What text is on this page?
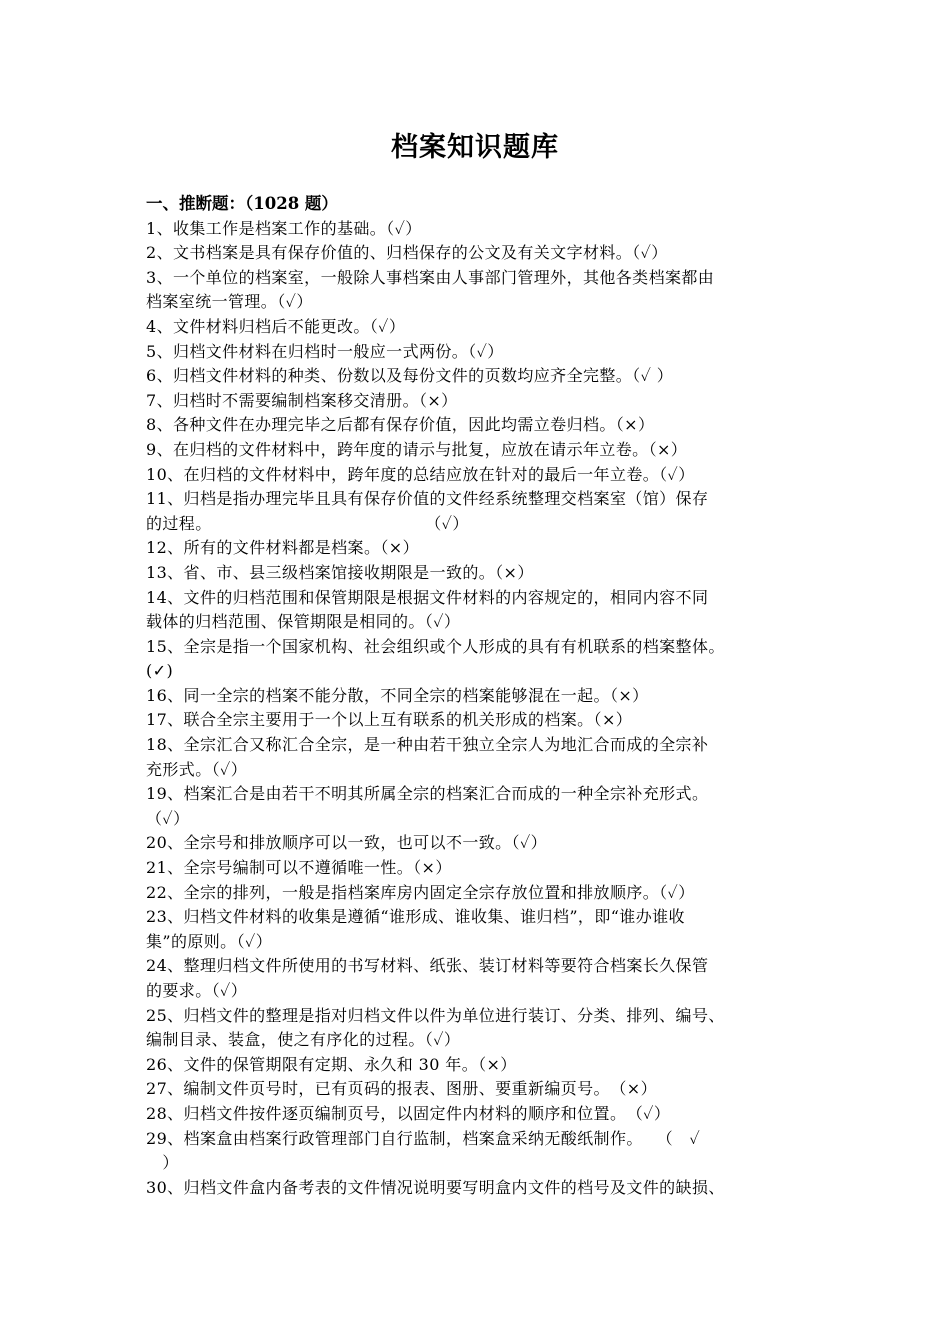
档案知识题库
一、推断题：（1028 题）
1、收集工作是档案工作的基础。（✓）
2、文书档案是具有保存价值的、归档保存的公文及有关文字材料。（✓）
3、一个单位的档案室，一般除人事档案由人事部门管理外，其他各类档案都由
档案室统一管理。（✓）
4、文件材料归档后不能更改。（✓）
5、归档文件材料在归档时一般应一式两份。（✓）
6、归档文件材料的种类、份数以及每份文件的页数均应齐全完整。（✓ ）
7、归档时不需要编制档案移交清册。（×）
8、各种文件在办理完毕之后都有保存价值，因此均需立卷归档。（×）
9、在归档的文件材料中，跨年度的请示与批复，应放在请示年立卷。（×）
10、在归档的文件材料中，跨年度的总结应放在针对的最后一年立卷。（✓）
11、归档是指办理完毕且具有保存价值的文件经系统整理交档案室（馆）保存
的过程。　　　　　　　　　　　　　　（✓）
12、所有的文件材料都是档案。（×）
13、省、市、县三级档案馆接收期限是一致的。（×）
14、文件的归档范围和保管期限是根据文件材料的内容规定的，相同内容不同
载体的归档范围、保管期限是相同的。（✓）
15、全宗是指一个国家机构、社会组织或个人形成的具有有机联系的档案整体。
(✓)
16、同一全宗的档案不能分散，不同全宗的档案能够混在一起。（×）
17、联合全宗主要用于一个以上互有联系的机关形成的档案。（×）
18、全宗汇合又称汇合全宗，是一种由若干独立全宗人为地汇合而成的全宗补
充形式。（✓）
19、档案汇合是由若干不明其所属全宗的档案汇合而成的一种全宗补充形式。
（✓）
20、全宗号和排放顺序可以一致，也可以不一致。（✓）
21、全宗号编制可以不遵循唯一性。（×）
22、全宗的排列，一般是指档案库房内固定全宗存放位置和排放顺序。（✓）
23、归档文件材料的收集是遵循“谁形成、谁收集、谁归档”，即“谁办谁收
集”的原则。（✓）
24、整理归档文件所使用的书写材料、纸张、装订材料等要符合档案长久保管
的要求。（✓）
25、归档文件的整理是指对归档文件以件为单位进行装订、分类、排列、编号、
编制目录、装盒，使之有序化的过程。（✓）
26、文件的保管期限有定期、永久和 30 年。（×）
27、编制文件页号时，已有页码的报表、图册、要重新编页号。　（×）
28、归档文件按件逐页编制页号，以固定件内材料的顺序和位置。　（✓）
29、档案盒由档案行政管理部门自行监制，档案盒采纳无酸纸制作。　 （　✓
　）
30、归档文件盒内备考表的文件情况说明要写明盒内文件的档号及文件的缺损、
